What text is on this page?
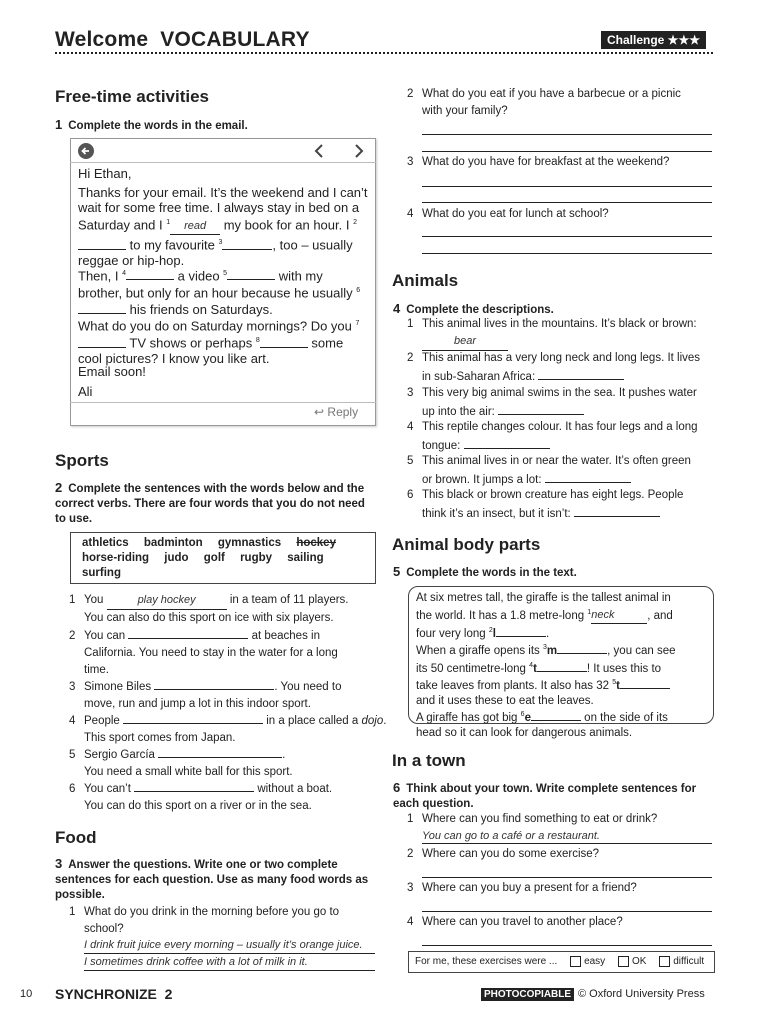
Welcome  VOCABULARY	Challenge ★★★
Free-time activities
1 Complete the words in the email.
Hi Ethan,
Thanks for your email. It’s the weekend and I can’t wait for some free time. I always stay in bed on a Saturday and I $^1$ read my book for an hour. I $^2$ to my favourite $^3$	, too – usually reggae or hip-hop.
Then, I $^4$	a video $^5$	with my brother, but only for an hour because he usually $^6$ his friends on Saturdays.
What do you do on Saturday mornings? Do you $^7$ TV shows or perhaps $^8$	some cool pictures? I know you like art.
Email soon!
Ali
↩ Reply
Sports
2 Complete the sentences with the words below and the correct verbs. There are four words that you do not need to use.
athletics badminton gymnastics hockey
horse-riding judo golf rugby sailing
surfing
1 You	play hockey	in a team of 11 players.
You can also do this sport on ice with six players.
2 You can	at beaches in
California. You need to stay in the water for a long
time.
3 Simone Biles	. You need to
move, run and jump a lot in this indoor sport.
4 People	in a place called a dojo.
This sport comes from Japan.
5 Sergio García	.
You need a small white ball for this sport.
6 You can’t	without a boat.
You can do this sport on a river or in the sea.
Food
3 Answer the questions. Write one or two complete sentences for each question. Use as many food words as possible.
1 What do you drink in the morning before you go to
school?
I drink fruit juice every morning – usually it’s orange juice.
I sometimes drink coffee with a lot of milk in it.
2 What do you eat if you have a barbecue or a picnic
with your family?
3 What do you have for breakfast at the weekend?
4 What do you eat for lunch at school?
Animals
4 Complete the descriptions.
1 This animal lives in the mountains. It’s black or brown:
bear
2 This animal has a very long neck and long legs. It lives
in sub-Saharan Africa:
3 This very big animal swims in the sea. It pushes water
up into the air:
4 This reptile changes colour. It has four legs and a long
tongue:
5 This animal lives in or near the water. It’s often green
or brown. It jumps a lot:
6 This black or brown creature has eight legs. People
think it’s an insect, but it isn’t:
Animal body parts
5 Complete the words in the text.
At six metres tall, the giraffe is the tallest animal in
the world. It has a 1.8 metre-long $^1$neck	, and
four very long $^2$l	.
When a giraffe opens its $^3$m	, you can see
its 50 centimetre-long $^4$t	! It uses this to
take leaves from plants. It also has 32 $^5$t
and it uses these to eat the leaves.
A giraffe has got big $^6$e	on the side of its
head so it can look for dangerous animals.
In a town
6 Think about your town. Write complete sentences for each question.
1 Where can you find something to eat or drink?
You can go to a café or a restaurant.
2 Where can you do some exercise?
3 Where can you buy a present for a friend?
4 Where can you travel to another place?
For me, these exercises were ...	easy	OK	difficult
10 SYNCHRONIZE  2	PHOTOCOPIABLE © Oxford University Press
